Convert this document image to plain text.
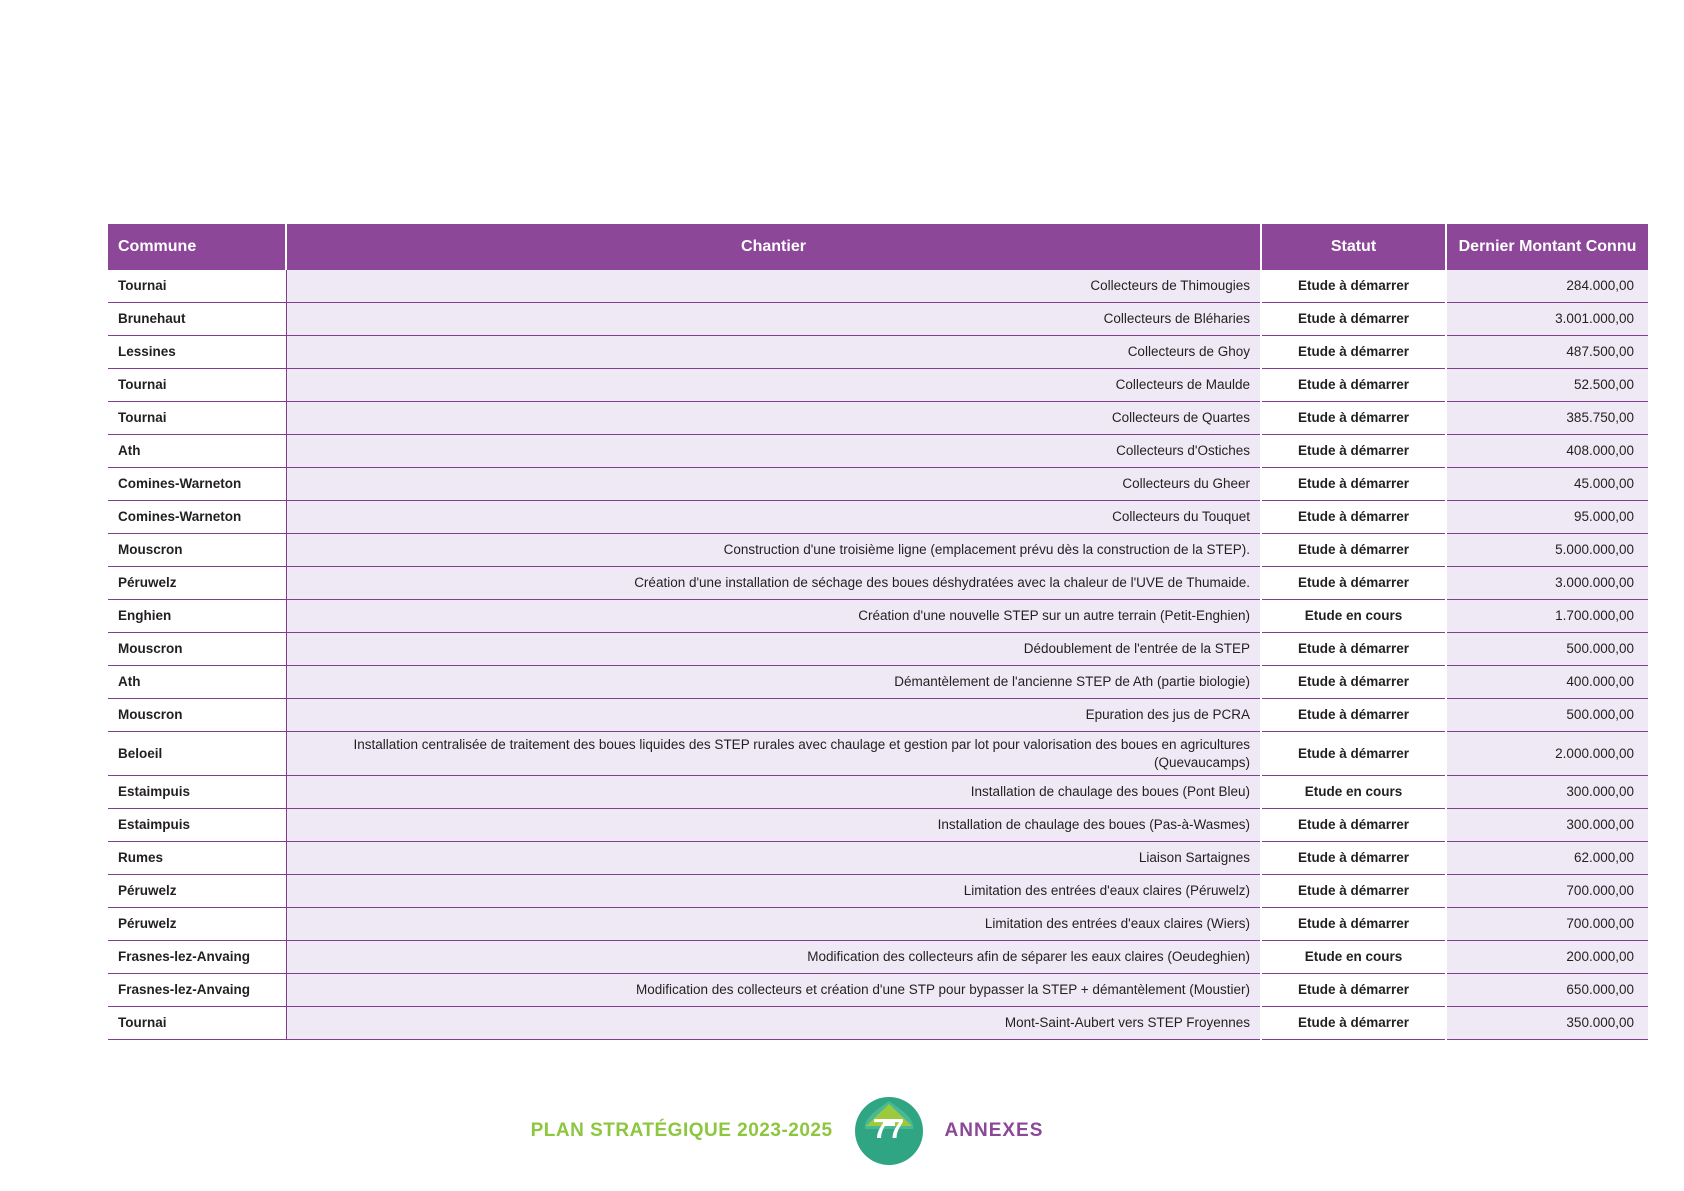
Commune	Chantier	Statut	Dernier Montant Connu
Tournai	Collecteurs de Thimougies	Etude à démarrer	284.000,00
Brunehaut	Collecteurs de Bléharies	Etude à démarrer	3.001.000,00
Lessines	Collecteurs de Ghoy	Etude à démarrer	487.500,00
Tournai	Collecteurs de Maulde	Etude à démarrer	52.500,00
Tournai	Collecteurs de Quartes	Etude à démarrer	385.750,00
Ath	Collecteurs d'Ostiches	Etude à démarrer	408.000,00
Comines-Warneton	Collecteurs du Gheer	Etude à démarrer	45.000,00
Comines-Warneton	Collecteurs du Touquet	Etude à démarrer	95.000,00
Mouscron	Construction d'une troisième ligne (emplacement prévu dès la construction de la STEP).	Etude à démarrer	5.000.000,00
Péruwelz	Création d'une installation de séchage des boues déshydratées avec la chaleur de l'UVE de Thumaide.	Etude à démarrer	3.000.000,00
Enghien	Création d'une nouvelle STEP sur un autre terrain (Petit-Enghien)	Etude en cours	1.700.000,00
Mouscron	Dédoublement de l'entrée de la STEP	Etude à démarrer	500.000,00
Ath	Démantèlement de l'ancienne STEP de Ath (partie biologie)	Etude à démarrer	400.000,00
Mouscron	Epuration des jus de PCRA	Etude à démarrer	500.000,00
Beloeil	Installation centralisée de traitement des boues liquides des STEP rurales avec chaulage et gestion par lot pour valorisation des boues en agricultures (Quevaucamps)	Etude à démarrer	2.000.000,00
Estaimpuis	Installation de chaulage des boues (Pont Bleu)	Etude en cours	300.000,00
Estaimpuis	Installation de chaulage des boues (Pas-à-Wasmes)	Etude à démarrer	300.000,00
Rumes	Liaison Sartaignes	Etude à démarrer	62.000,00
Péruwelz	Limitation des entrées d'eaux claires (Péruwelz)	Etude à démarrer	700.000,00
Péruwelz	Limitation des entrées d'eaux claires (Wiers)	Etude à démarrer	700.000,00
Frasnes-lez-Anvaing	Modification des collecteurs afin de séparer les eaux claires (Oeudeghien)	Etude en cours	200.000,00
Frasnes-lez-Anvaing	Modification des collecteurs et création d'une STP pour bypasser la STEP + démantèlement (Moustier)	Etude à démarrer	650.000,00
Tournai	Mont-Saint-Aubert vers STEP Froyennes	Etude à démarrer	350.000,00
PLAN STRATÉGIQUE 2023-2025	77	ANNEXES
